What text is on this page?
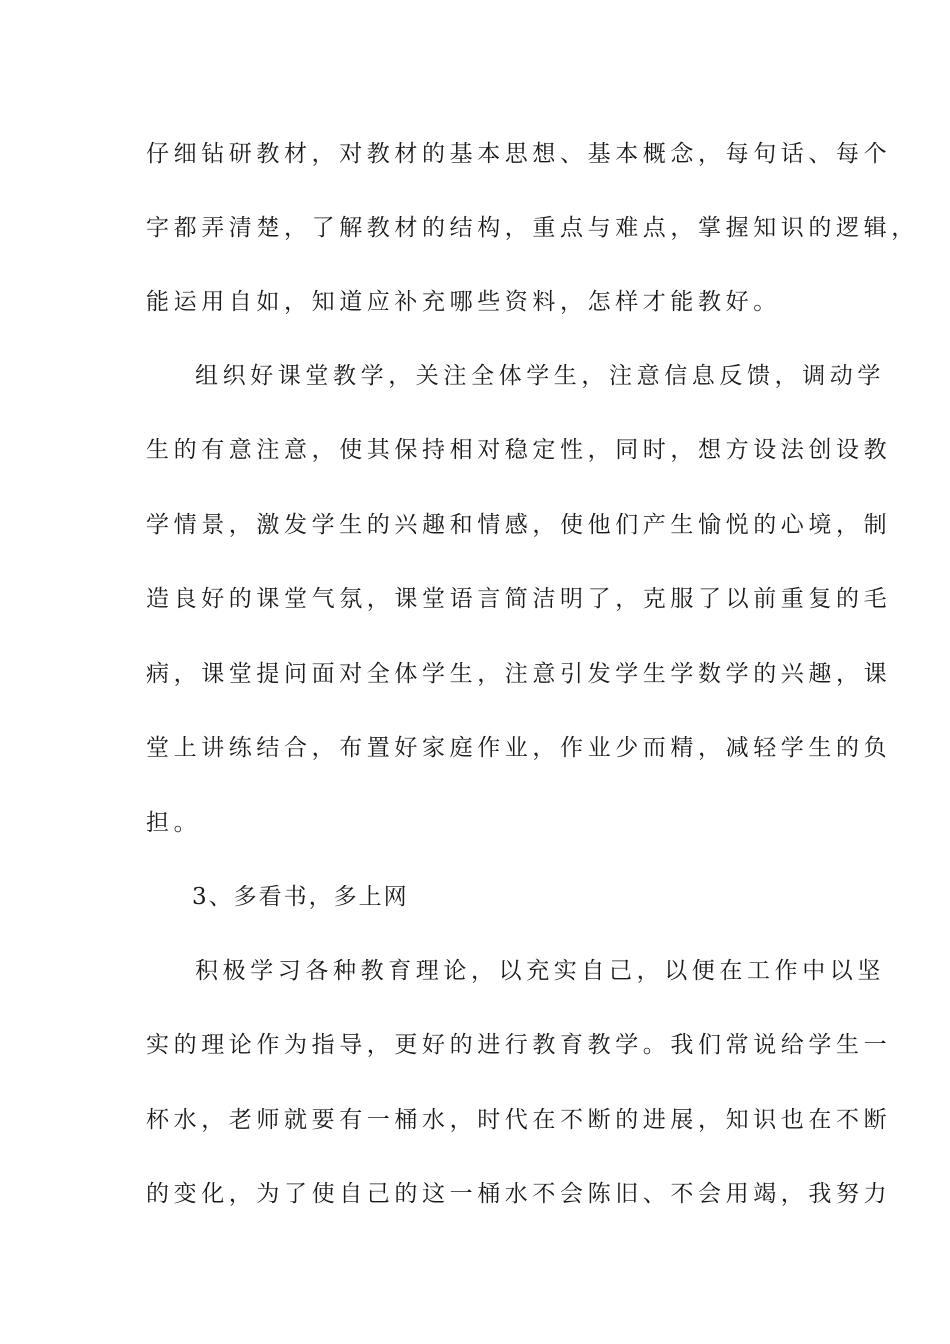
仔细钻研教材，对教材的基本思想、基本概念，每句话、每个
字都弄清楚，了解教材的结构，重点与难点，掌握知识的逻辑，
能运用自如，知道应补充哪些资料，怎样才能教好。
组织好课堂教学，关注全体学生，注意信息反馈，调动学
生的有意注意，使其保持相对稳定性，同时，想方设法创设教
学情景，激发学生的兴趣和情感，使他们产生愉悦的心境，制
造良好的课堂气氛，课堂语言简洁明了，克服了以前重复的毛
病，课堂提问面对全体学生，注意引发学生学数学的兴趣，课
堂上讲练结合，布置好家庭作业，作业少而精，减轻学生的负
担。
3、多看书，多上网
积极学习各种教育理论，以充实自己，以便在工作中以坚
实的理论作为指导，更好的进行教育教学。我们常说给学生一
杯水，老师就要有一桶水，时代在不断的进展，知识也在不断
的变化，为了使自己的这一桶水不会陈旧、不会用竭，我努力
